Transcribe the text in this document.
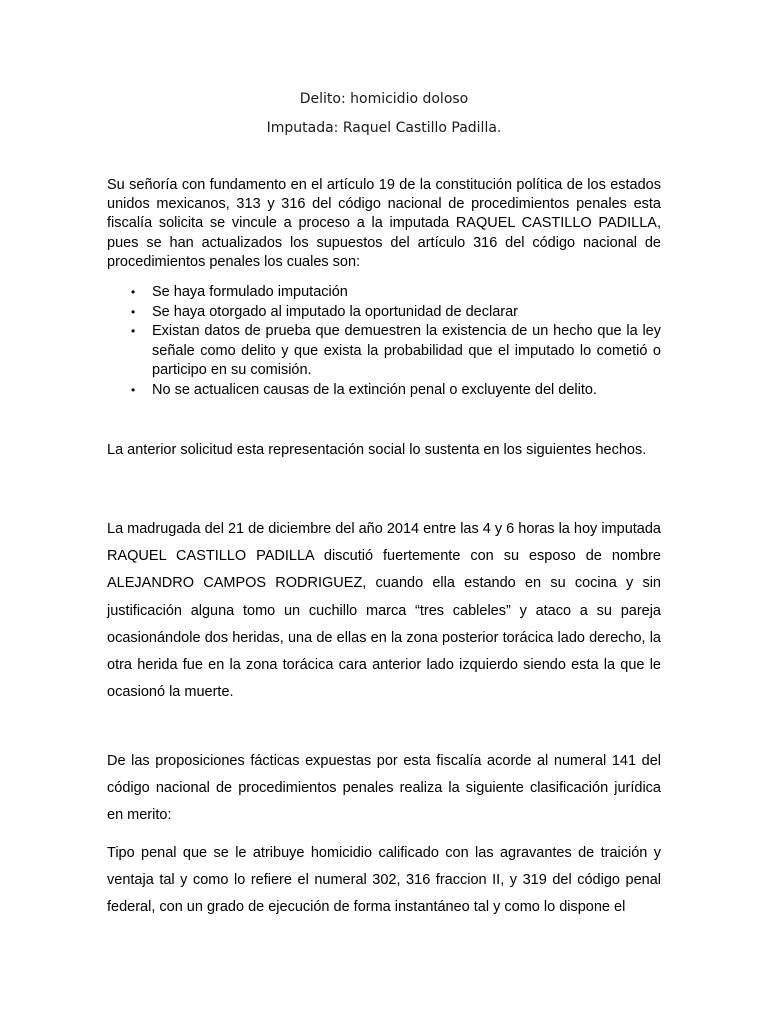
Delito: homicidio doloso
Imputada: Raquel Castillo Padilla.

Su señoría con fundamento en el artículo 19 de la constitución política de los estados unidos mexicanos, 313 y 316 del código nacional de procedimientos penales esta fiscalía solicita se vincule a proceso a la imputada RAQUEL CASTILLO PADILLA, pues se han actualizados los supuestos del artículo 316 del código nacional de procedimientos penales los cuales son:

• Se haya formulado imputación
• Se haya otorgado al imputado la oportunidad de declarar
• Existan datos de prueba que demuestren la existencia de un hecho que la ley señale como delito y que exista la probabilidad que el imputado lo cometió o participo en su comisión.
• No se actualicen causas de la extinción penal o excluyente del delito.

La anterior solicitud esta representación social lo sustenta en los siguientes hechos.

La madrugada del 21 de diciembre del año 2014 entre las 4 y 6 horas la hoy imputada RAQUEL CASTILLO PADILLA discutió fuertemente con su esposo de nombre ALEJANDRO CAMPOS RODRIGUEZ, cuando ella estando en su cocina y sin justificación alguna tomo un cuchillo marca “tres cableles” y ataco a su pareja ocasionándole dos heridas, una de ellas en la zona posterior torácica lado derecho, la otra herida fue en la zona torácica cara anterior lado izquierdo siendo esta la que le ocasionó la muerte.

De las proposiciones fácticas expuestas por esta fiscalía acorde al numeral 141 del código nacional de procedimientos penales realiza la siguiente clasificación jurídica en merito:

Tipo penal que se le atribuye homicidio calificado con las agravantes de traición y ventaja tal y como lo refiere el numeral 302, 316 fraccion II, y 319 del código penal federal, con un grado de ejecución de forma instantáneo tal y como lo dispone el
